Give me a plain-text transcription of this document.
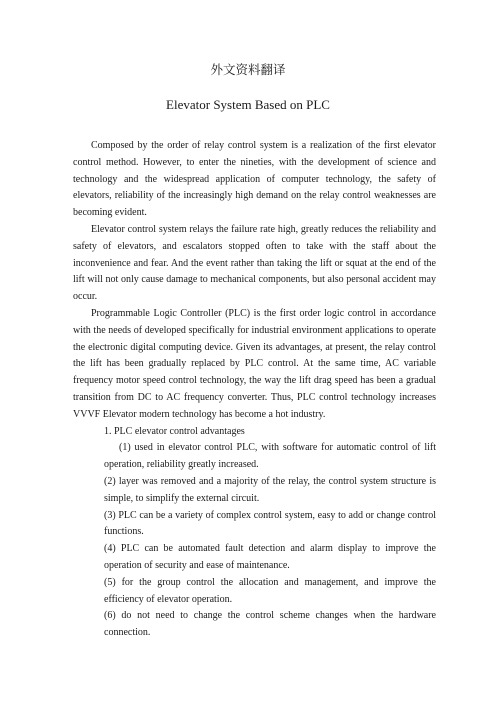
外文资料翻译
Elevator System Based on PLC

Composed by the order of relay control system is a realization of the first elevator control method. However, to enter the nineties, with the development of science and technology and the widespread application of computer technology, the safety of elevators, reliability of the increasingly high demand on the relay control weaknesses are becoming evident.

Elevator control system relays the failure rate high, greatly reduces the reliability and safety of elevators, and escalators stopped often to take with the staff about the inconvenience and fear. And the event rather than taking the lift or squat at the end of the lift will not only cause damage to mechanical components, but also personal accident may occur.

Programmable Logic Controller (PLC) is the first order logic control in accordance with the needs of developed specifically for industrial environment applications to operate the electronic digital computing device. Given its advantages, at present, the relay control the lift has been gradually replaced by PLC control. At the same time, AC variable frequency motor speed control technology, the way the lift drag speed has been a gradual transition from DC to AC frequency converter. Thus, PLC control technology increases VVVF Elevator modern technology has become a hot industry.

1. PLC elevator control advantages
(1) used in elevator control PLC, with software for automatic control of lift operation, reliability greatly increased.
(2) layer was removed and a majority of the relay, the control system structure is simple, to simplify the external circuit.
(3) PLC can be a variety of complex control system, easy to add or change control functions.
(4) PLC can be automated fault detection and alarm display to improve the operation of security and ease of maintenance.
(5) for the group control the allocation and management, and improve the efficiency of elevator operation.
(6) do not need to change the control scheme changes when the hardware connection.
